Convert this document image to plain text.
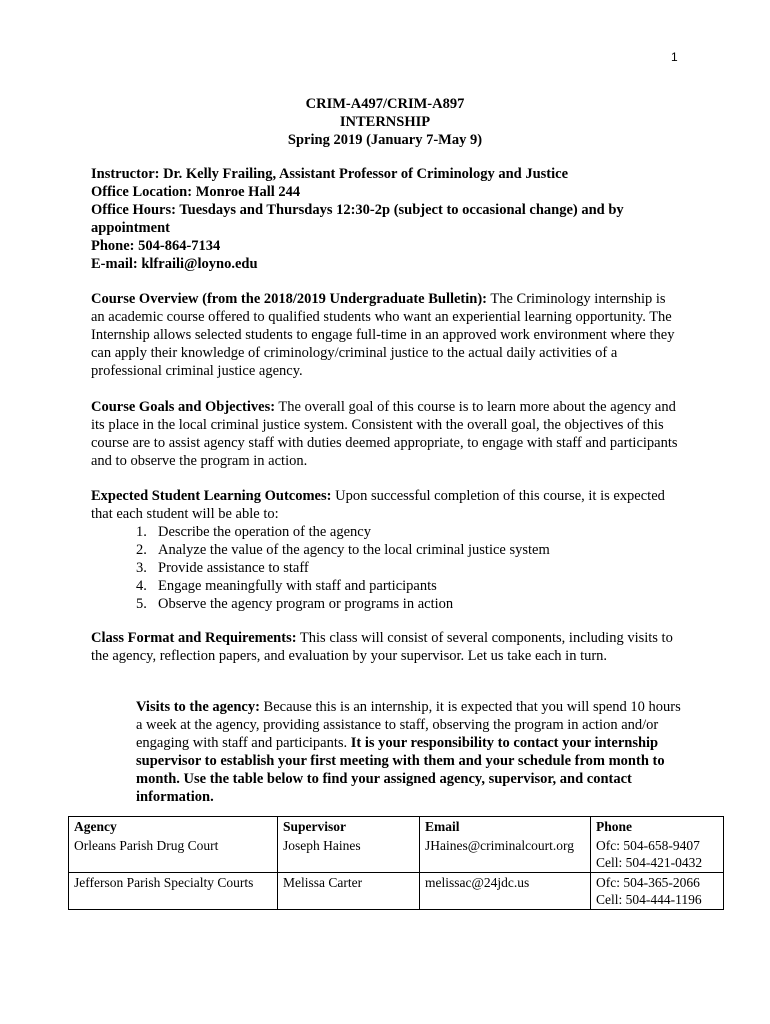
1
CRIM-A497/CRIM-A897
INTERNSHIP
Spring 2019 (January 7-May 9)
Instructor: Dr. Kelly Frailing, Assistant Professor of Criminology and Justice
Office Location: Monroe Hall 244
Office Hours: Tuesdays and Thursdays 12:30-2p (subject to occasional change) and by
appointment
Phone: 504-864-7134
E-mail: klfraili@loyno.edu
Course Overview (from the 2018/2019 Undergraduate Bulletin): The Criminology internship is an academic course offered to qualified students who want an experiential learning opportunity. The Internship allows selected students to engage full-time in an approved work environment where they can apply their knowledge of criminology/criminal justice to the actual daily activities of a professional criminal justice agency.
Course Goals and Objectives: The overall goal of this course is to learn more about the agency and its place in the local criminal justice system. Consistent with the overall goal, the objectives of this course are to assist agency staff with duties deemed appropriate, to engage with staff and participants and to observe the program in action.
Expected Student Learning Outcomes: Upon successful completion of this course, it is expected that each student will be able to:
1. Describe the operation of the agency
2. Analyze the value of the agency to the local criminal justice system
3. Provide assistance to staff
4. Engage meaningfully with staff and participants
5. Observe the agency program or programs in action
Class Format and Requirements: This class will consist of several components, including visits to the agency, reflection papers, and evaluation by your supervisor. Let us take each in turn.
Visits to the agency: Because this is an internship, it is expected that you will spend 10 hours a week at the agency, providing assistance to staff, observing the program in action and/or engaging with staff and participants. It is your responsibility to contact your internship supervisor to establish your first meeting with them and your schedule from month to month. Use the table below to find your assigned agency, supervisor, and contact information.
Agency	Supervisor	Email	Phone
Orleans Parish Drug Court	Joseph Haines	JHaines@criminalcourt.org	Ofc: 504-658-9407
Cell: 504-421-0432

Jefferson Parish Specialty Courts	Melissa Carter	melissac@24jdc.us	Ofc: 504-365-2066
Cell: 504-444-1196
